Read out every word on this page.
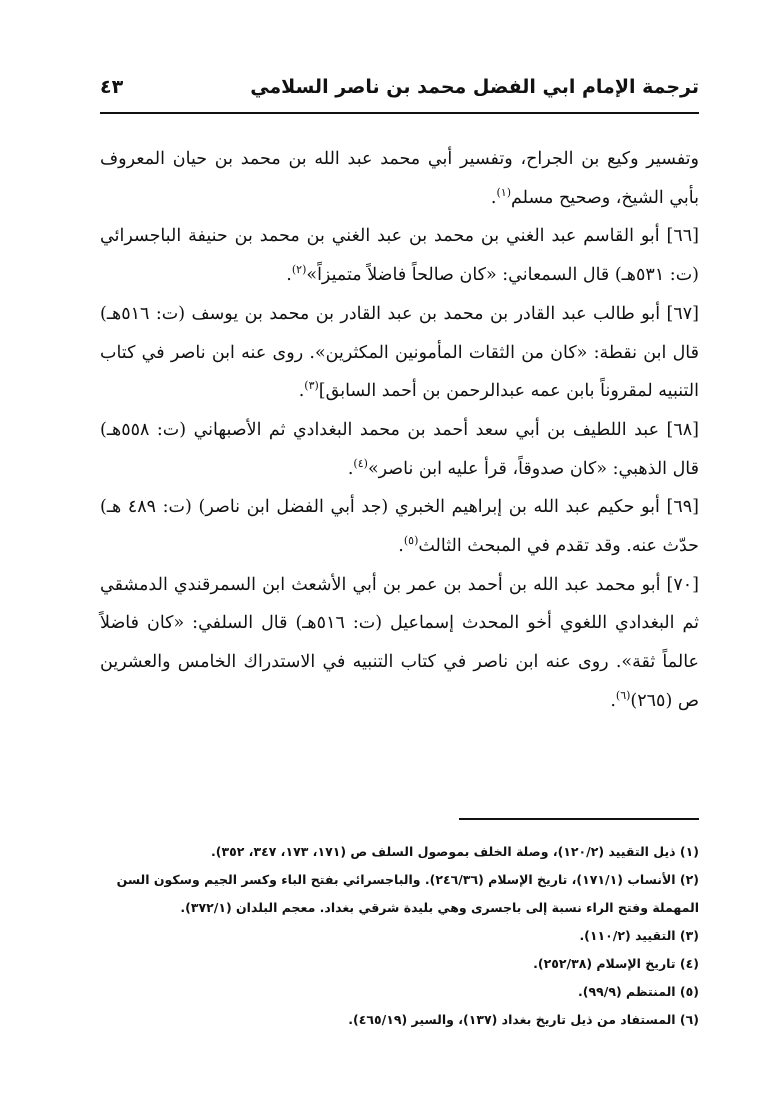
ترجمة الإمام ابي الفضل محمد بن ناصر السلامي
٤٣

وتفسير وكيع بن الجراح، وتفسير أبي محمد عبد الله بن محمد بن حيان المعروف بأبي الشيخ، وصحيح مسلم$^{(١)}$.

[٦٦] أبو القاسم عبد الغني بن محمد بن عبد الغني بن محمد بن حنيفة الباجسرائي (ت: ٥٣١هـ) قال السمعاني: «كان صالحاً فاضلاً متميزاً»$^{(٢)}$.

[٦٧] أبو طالب عبد القادر بن محمد بن عبد القادر بن محمد بن يوسف (ت: ٥١٦هـ) قال ابن نقطة: «كان من الثقات المأمونين المكثرين». روى عنه ابن ناصر في كتاب التنبيه لمقروناً بابن عمه عبدالرحمن بن أحمد السابق]$^{(٣)}$.

[٦٨] عبد اللطيف بن أبي سعد أحمد بن محمد البغدادي ثم الأصبهاني (ت: ٥٥٨هـ) قال الذهبي: «كان صدوقاً، قرأ عليه ابن ناصر»$^{(٤)}$.

[٦٩] أبو حكيم عبد الله بن إبراهيم الخبري (جد أبي الفضل ابن ناصر) (ت: ٤٨٩ هـ) حدّث عنه. وقد تقدم في المبحث الثالث$^{(٥)}$.

[٧٠] أبو محمد عبد الله بن أحمد بن عمر بن أبي الأشعث ابن السمرقندي الدمشقي ثم البغدادي اللغوي أخو المحدث إسماعيل (ت: ٥١٦هـ) قال السلفي: «كان فاضلاً عالماً ثقة». روى عنه ابن ناصر في كتاب التنبيه في الاستدراك الخامس والعشرين ص (٢٦٥)$^{(٦)}$.

(١) ذيل التقييد (١٢٠/٢)، وصلة الخلف بموصول السلف ص (١٧١، ١٧٣، ٣٤٧، ٣٥٢).

(٢) الأنساب (١٧١/١)، تاريخ الإسلام (٢٤٦/٣٦). والباجسرائي بفتح الباء وكسر الجيم وسكون السن المهملة وفتح الراء نسبة إلى باجسرى وهي بليدة شرقي بغداد. معجم البلدان (٣٧٢/١).

(٣) التقييد (١١٠/٢).

(٤) تاريخ الإسلام (٢٥٢/٣٨).

(٥) المنتظم (٩٩/٩).

(٦) المستفاد من ذيل تاريخ بغداد (١٣٧)، والسير (٤٦٥/١٩).
